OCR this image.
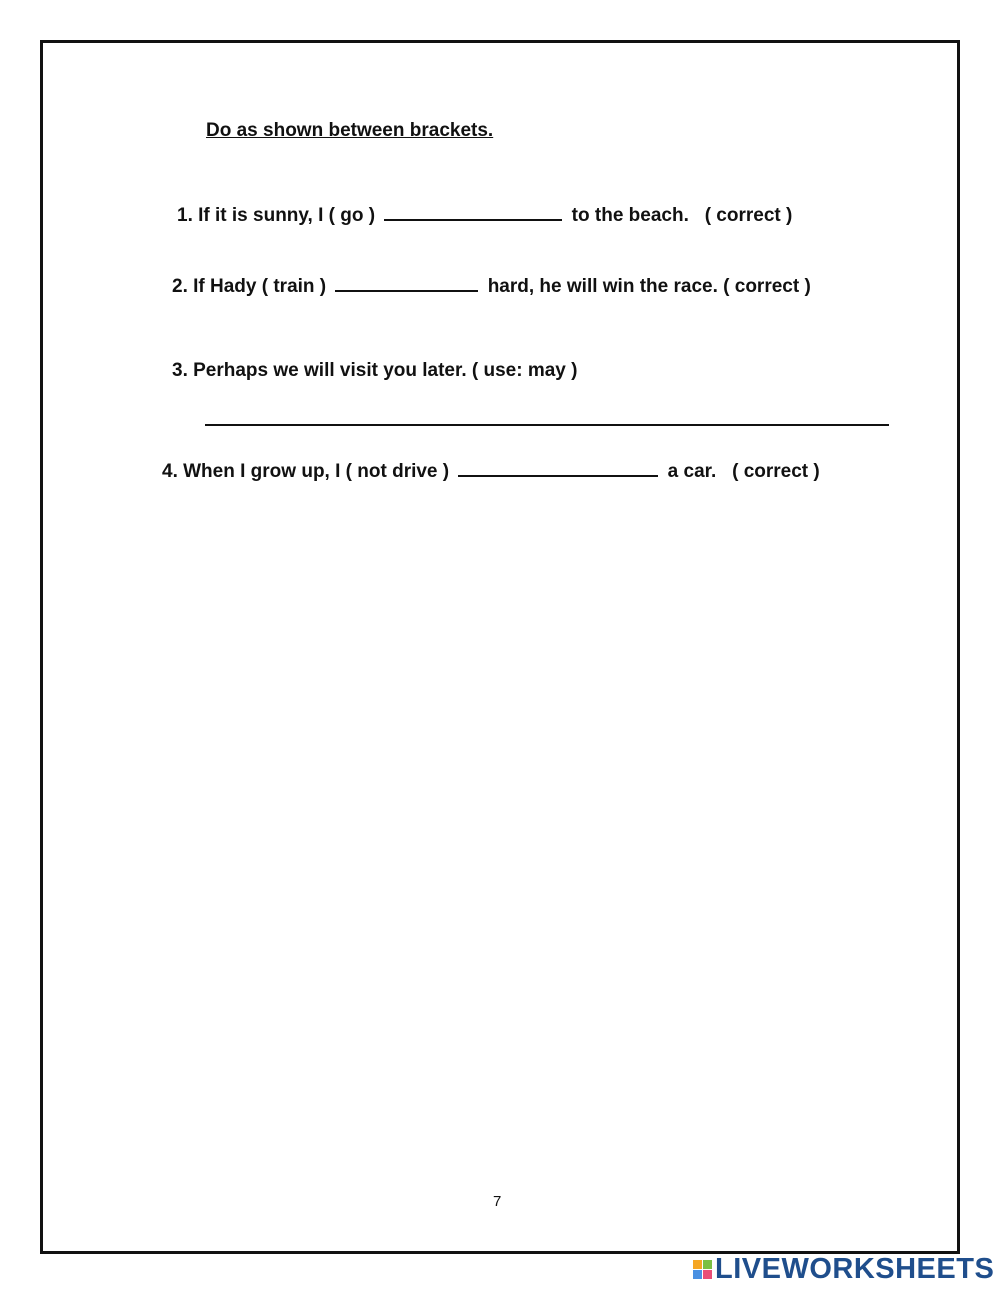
Do as shown between brackets.
1. If it is sunny, I ( go )	to the beach.   ( correct )
2. If Hady ( train )	hard, he will win the race. ( correct )
3. Perhaps we will visit you later. ( use: may )
4. When I grow up, I ( not drive )	a car.   ( correct )
7
LIVEWORKSHEETS
